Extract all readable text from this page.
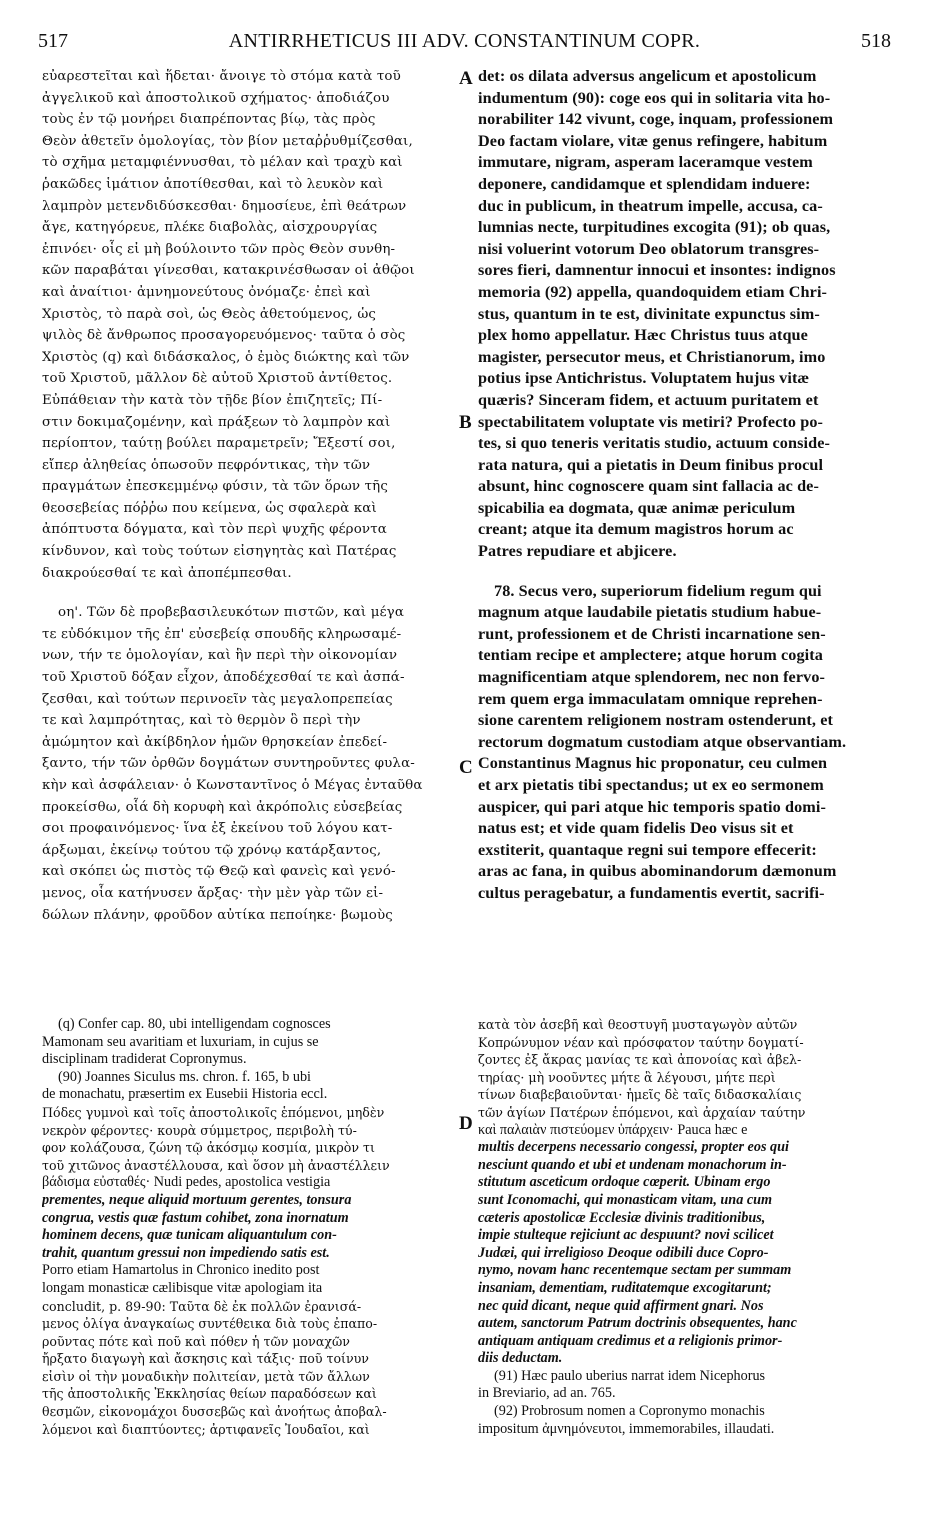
517	ANTIRRHETICUS III ADV. CONSTANTINUM COPR.	518
εὐαρεστεῖται καὶ ἥδεται· ἄνοιγε τὸ στόμα κατὰ τοῦ
ἀγγελικοῦ καὶ ἀποστολικοῦ σχήματος· ἀποδιάζου
τοὺς ἐν τῷ μονήρει διαπρέποντας βίῳ, τὰς πρὸς
Θεὸν ἀθετεῖν ὁμολογίας, τὸν βίον μεταῤῥυθμίζεσθαι,
τὸ σχῆμα μεταμφιέννυσθαι, τὸ μέλαν καὶ τραχὺ καὶ
ῥακῶδες ἱμάτιον ἀποτίθεσθαι, καὶ τὸ λευκὸν καὶ
λαμπρὸν μετενδιδύσκεσθαι· δημοσίευε, ἐπὶ θεάτρων
ἄγε, κατηγόρευε, πλέκε διαβολὰς, αἰσχρουργίας
ἐπινόει· οἷς εἰ μὴ βούλοιντο τῶν πρὸς Θεὸν συνθη-
κῶν παραβάται γίνεσθαι, κατακρινέσθωσαν οἱ ἀθῷοι
καὶ ἀναίτιοι· ἀμνημονεύτους ὀνόμαζε· ἐπεὶ καὶ
Χριστὸς, τὸ παρὰ σοὶ, ὡς Θεὸς ἀθετούμενος, ὡς
ψιλὸς δὲ ἄνθρωπος προσαγορευόμενος· ταῦτα ὁ σὸς
Χριστὸς (q) καὶ διδάσκαλος, ὁ ἐμὸς διώκτης καὶ τῶν
τοῦ Χριστοῦ, μᾶλλον δὲ αὐτοῦ Χριστοῦ ἀντίθετος.
Εὐπάθειαν τὴν κατὰ τὸν τῇδε βίον ἐπιζητεῖς; Πί-
στιν δοκιμαζομένην, καὶ πράξεων τὸ λαμπρὸν καὶ
περίοπτον, ταύτῃ βούλει παραμετρεῖν; Ἔξεστί σοι,
εἴπερ ἀληθείας ὁπωσοῦν πεφρόντικας, τὴν τῶν
πραγμάτων ἐπεσκεμμένῳ φύσιν, τὰ τῶν ὅρων τῆς
θεοσεβείας πόῤῥω που κείμενα, ὡς σφαλερὰ καὶ
ἀπόπτυστα δόγματα, καὶ τὸν περὶ ψυχῆς φέροντα
κίνδυνον, καὶ τοὺς τούτων εἰσηγητὰς καὶ Πατέρας
διακρούεσθαί τε καὶ ἀποπέμπεσθαι.
οη'. Τῶν δὲ προβεβασιλευκότων πιστῶν, καὶ μέγα
τε εὐδόκιμον τῆς ἐπ' εὐσεβείᾳ σπουδῆς κληρωσαμέ-
νων, τήν τε ὁμολογίαν, καὶ ἣν περὶ τὴν οἰκονομίαν
τοῦ Χριστοῦ δόξαν εἶχον, ἀποδέχεσθαί τε καὶ ἀσπά-
ζεσθαι, καὶ τούτων περινοεῖν τὰς μεγαλοπρεπείας
τε καὶ λαμπρότητας, καὶ τὸ θερμὸν ὃ περὶ τὴν
ἀμώμητον καὶ ἀκίβδηλον ἡμῶν θρησκείαν ἐπεδεί-
ξαντο, τήν τῶν ὀρθῶν δογμάτων συντηροῦντες φυλα-
κὴν καὶ ἀσφάλειαν· ὁ Κωνσταντῖνος ὁ Μέγας ἐνταῦθα
προκείσθω, οἷά δὴ κορυφὴ καὶ ἀκρόπολις εὐσεβείας
σοι προφαινόμενος· ἵνα ἐξ ἐκείνου τοῦ λόγου κατ-
άρξωμαι, ἐκείνῳ τούτου τῷ χρόνῳ κατάρξαντος,
καὶ σκόπει ὡς πιστὸς τῷ Θεῷ καὶ φανεὶς καὶ γενό-
μενος, οἷα κατήνυσεν ἄρξας· τὴν μὲν γὰρ τῶν εἰ-
δώλων πλάνην, φροῦδον αὐτίκα πεποίηκε· βωμοὺς
det: os dilata adversus angelicum et apostolicum
indumentum (90): coge eos qui in solitaria vita ho-
norabiliter 142 vivunt, coge, inquam, professionem
Deo factam violare, vitæ genus refingere, habitum
immutare, nigram, asperam laceramque vestem
deponere, candidamque et splendidam induere:
duc in publicum, in theatrum impelle, accusa, ca-
lumnias necte, turpitudines excogita (91); ob quas,
nisi voluerint votorum Deo oblatorum transgres-
sores fieri, damnentur innocui et insontes: indignos
memoria (92) appella, quandoquidem etiam Chri-
stus, quantum in te est, divinitate expunctus sim-
plex homo appellatur. Hæc Christus tuus atque
magister, persecutor meus, et Christianorum, imo
potius ipse Antichristus. Voluptatem hujus vitæ
quæris? Sinceram fidem, et actuum puritatem et
spectabilitatem voluptate vis metiri? Profecto po-
tes, si quo teneris veritatis studio, actuum conside-
rata natura, qui a pietatis in Deum finibus procul
absunt, hinc cognoscere quam sint fallacia ac de-
spicabilia ea dogmata, quæ animæ periculum
creant; atque ita demum magistros horum ac
Patres repudiare et abjicere.
78. Secus vero, superiorum fidelium regum qui
magnum atque laudabile pietatis studium habue-
runt, professionem et de Christi incarnatione sen-
tentiam recipe et amplectere; atque horum cogita
magnificentiam atque splendorem, nec non fervo-
rem quem erga immaculatam omnique reprehen-
sione carentem religionem nostram ostenderunt, et
rectorum dogmatum custodiam atque observantiam.
Constantinus Magnus hic proponatur, ceu culmen
et arx pietatis tibi spectandus; ut ex eo sermonem
auspicer, qui pari atque hic temporis spatio domi-
natus est; et vide quam fidelis Deo visus sit et
exstiterit, quantaque regni sui tempore effecerit:
aras ac fana, in quibus abominandorum dæmonum
cultus peragebatur, a fundamentis evertit, sacrifi-
A
B
C
D
(q) Confer cap. 80, ubi intelligendam cognosces
Mamonam seu avaritiam et luxuriam, in cujus se
disciplinam tradiderat Copronymus.
(90) Joannes Siculus ms. chron. f. 165, b ubi
de monachatu, præsertim ex Eusebii Historia eccl.
Πόδες γυμνοὶ καὶ τοῖς ἀποστολικοῖς ἑπόμενοι, μηδὲν
νεκρὸν φέροντες· κουρὰ σύμμετρος, περιβολὴ τύ-
φον κολάζουσα, ζώνη τῷ ἀκόσμῳ κοσμία, μικρὸν τι
τοῦ χιτῶνος ἀναστέλλουσα, καὶ ὅσον μὴ ἀναστέλλειν
βάδισμα εὐσταθές· Nudi pedes, apostolica vestigia
prementes, neque aliquid mortuum gerentes, tonsura
congrua, vestis quæ fastum cohibet, zona inornatum
hominem decens, quæ tunicam aliquantulum con-
trahit, quantum gressui non impediendo satis est.
Porro etiam Hamartolus in Chronico inedito post
longam monasticæ cælibisque vitæ apologiam ita
concludit, p. 89-90: Ταῦτα δὲ ἐκ πολλῶν ἐρανισά-
μενος ὀλίγα ἀναγκαίως συντέθεικα διὰ τοὺς ἐπαπο-
ροῦντας πότε καὶ ποῦ καὶ πόθεν ἡ τῶν μοναχῶν
ἤρξατο διαγωγὴ καὶ ἄσκησις καὶ τάξις· ποῦ τοίνυν
εἰσὶν οἱ τὴν μοναδικὴν πολιτείαν, μετὰ τῶν ἄλλων
τῆς ἀποστολικῆς Ἐκκλησίας θείων παραδόσεων καὶ
θεσμῶν, εἰκονομάχοι δυσσεβῶς καὶ ἀνοήτως ἀποβαλ-
λόμενοι καὶ διαπτύοντες; ἀρτιφανεῖς Ἰουδαῖοι, καὶ
κατὰ τὸν ἀσεβῆ καὶ θεοστυγῆ μυσταγωγὸν αὐτῶν
Κοπρώνυμον νέαν καὶ πρόσφατον ταύτην δογματί-
ζοντες ἐξ ἄκρας μανίας τε καὶ ἀπονοίας καὶ ἀβελ-
τηρίας· μὴ νοοῦντες μήτε ἃ λέγουσι, μήτε περὶ
τίνων διαβεβαιοῦνται· ἡμεῖς δὲ ταῖς διδασκαλίαις
τῶν ἁγίων Πατέρων ἑπόμενοι, καὶ ἀρχαίαν ταύτην
καὶ παλαιὰν πιστεύομεν ὑπάρχειν· Pauca hæc e
multis decerpens necessario congessi, propter eos qui
nesciunt quando et ubi et undenam monachorum in-
stitutum asceticum ordoque cœperit. Ubinam ergo
sunt Iconomachi, qui monasticam vitam, una cum
cæteris apostolicæ Ecclesiæ divinis traditionibus,
impie stulteque rejiciunt ac despuunt? novi scilicet
Judæi, qui irreligioso Deoque odibili duce Copro-
nymo, novam hanc recentemque sectam per summam
insaniam, dementiam, ruditatemque excogitarunt;
nec quid dicant, neque quid affirment gnari. Nos
autem, sanctorum Patrum doctrinis obsequentes, hanc
antiquam antiquam credimus et a religionis primor-
diis deductam.
(91) Hæc paulo uberius narrat idem Nicephorus
in Breviario, ad an. 765.
(92) Probrosum nomen a Copronymo monachis
impositum ἀμνημόνευτοι, immemorabiles, illaudati.
